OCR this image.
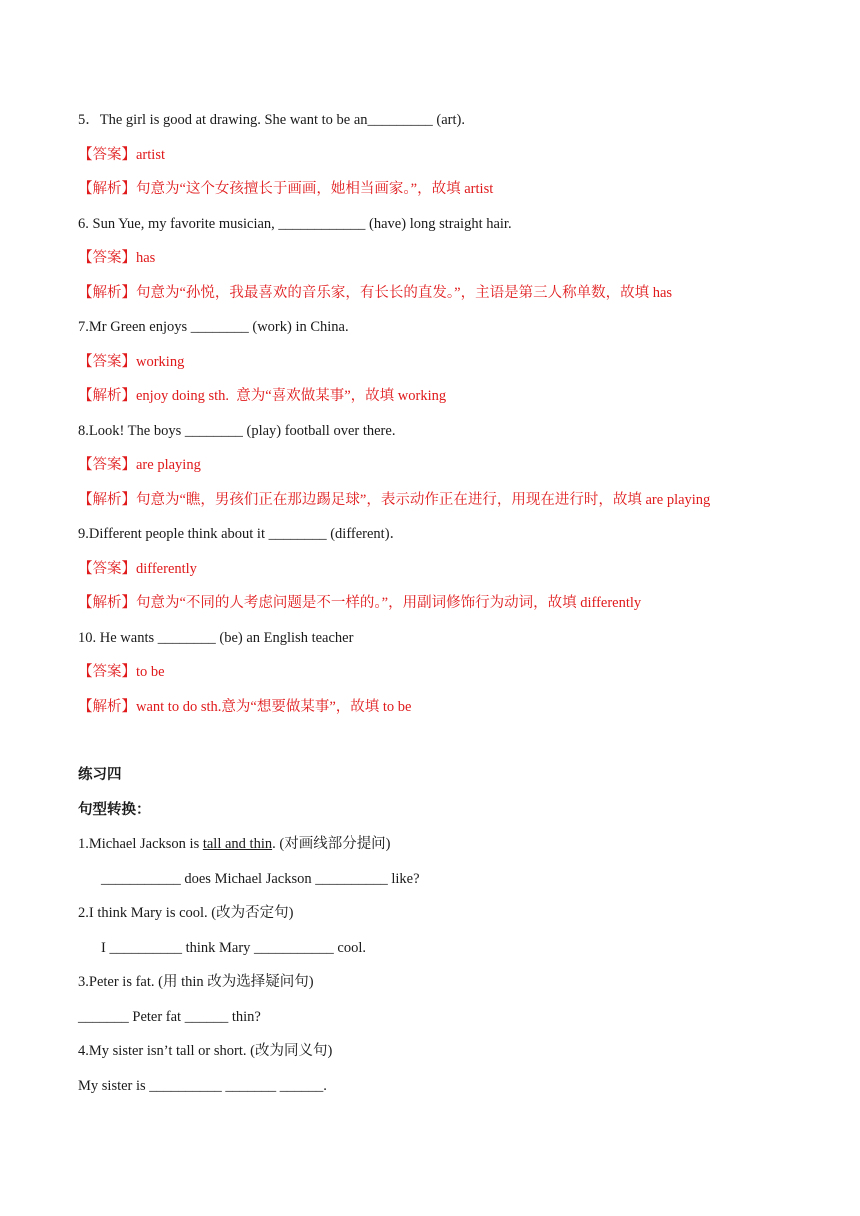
5．The girl is good at drawing. She want to be an_________ (art).

【答案】artist

【解析】句意为“这个女孩擅长于画画，她相当画家。”，故填 artist

6. Sun Yue, my favorite musician, ____________ (have) long straight hair.

【答案】has

【解析】句意为“孙悦，我最喜欢的音乐家，有长长的直发。”，主语是第三人称单数，故填 has

7.Mr Green enjoys ________ (work) in China.

【答案】working

【解析】enjoy doing sth.  意为“喜欢做某事”，故填 working

8.Look! The boys ________ (play) football over there.

【答案】are playing

【解析】句意为“瞧，男孩们正在那边踢足球”，表示动作正在进行，用现在进行时，故填 are playing

9.Different people think about it ________ (different)．

【答案】differently

【解析】句意为“不同的人考虑问题是不一样的。”，用副词修饰行为动词，故填 differently

10. He wants ________ (be) an English teacher

【答案】to be

【解析】want to do sth.意为“想要做某事”，故填 to be

练习四

句型转换：

1.Michael Jackson is tall and thin. (对画线部分提问)

___________ does Michael Jackson __________ like?

2.I think Mary is cool. (改为否定句)

I __________ think Mary ___________ cool.

3.Peter is fat. (用 thin 改为选择疑问句)

_______ Peter fat ______ thin?

4.My sister isn’t tall or short. (改为同义句)

My sister is __________ _______ ______.
